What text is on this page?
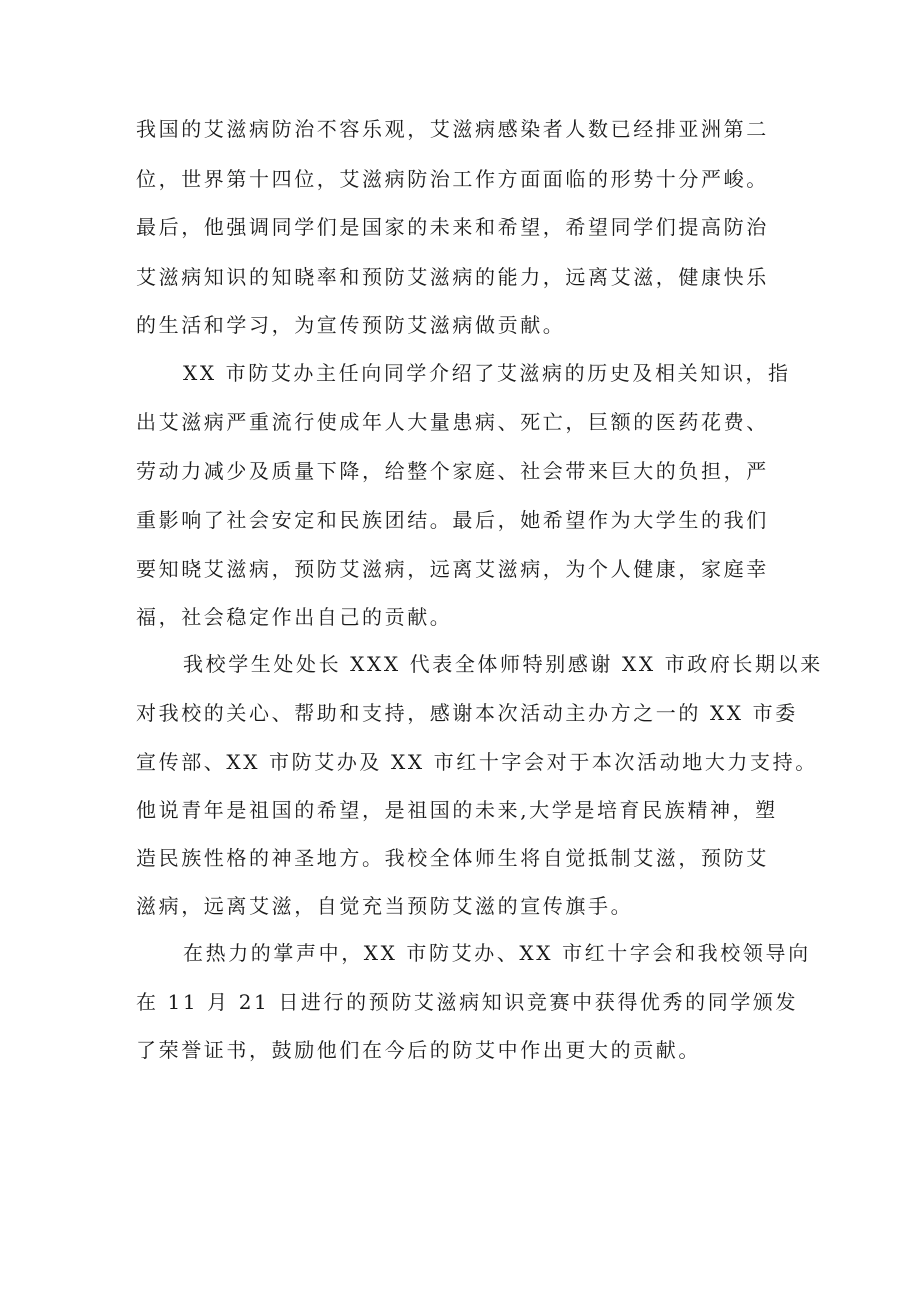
我国的艾滋病防治不容乐观，艾滋病感染者人数已经排亚洲第二
位，世界第十四位，艾滋病防治工作方面面临的形势十分严峻。
最后，他强调同学们是国家的未来和希望，希望同学们提高防治
艾滋病知识的知晓率和预防艾滋病的能力，远离艾滋，健康快乐
的生活和学习，为宣传预防艾滋病做贡献。
XX 市防艾办主任向同学介绍了艾滋病的历史及相关知识，指
出艾滋病严重流行使成年人大量患病、死亡，巨额的医药花费、
劳动力减少及质量下降，给整个家庭、社会带来巨大的负担，严
重影响了社会安定和民族团结。最后，她希望作为大学生的我们
要知晓艾滋病，预防艾滋病，远离艾滋病，为个人健康，家庭幸
福，社会稳定作出自己的贡献。
我校学生处处长 XXX 代表全体师特别感谢 XX 市政府长期以来
对我校的关心、帮助和支持，感谢本次活动主办方之一的 XX 市委
宣传部、XX 市防艾办及 XX 市红十字会对于本次活动地大力支持。
他说青年是祖国的希望，是祖国的未来,大学是培育民族精神，塑
造民族性格的神圣地方。我校全体师生将自觉抵制艾滋，预防艾
滋病，远离艾滋，自觉充当预防艾滋的宣传旗手。
在热力的掌声中，XX 市防艾办、XX 市红十字会和我校领导向
在 11 月 21 日进行的预防艾滋病知识竞赛中获得优秀的同学颁发
了荣誉证书，鼓励他们在今后的防艾中作出更大的贡献。
